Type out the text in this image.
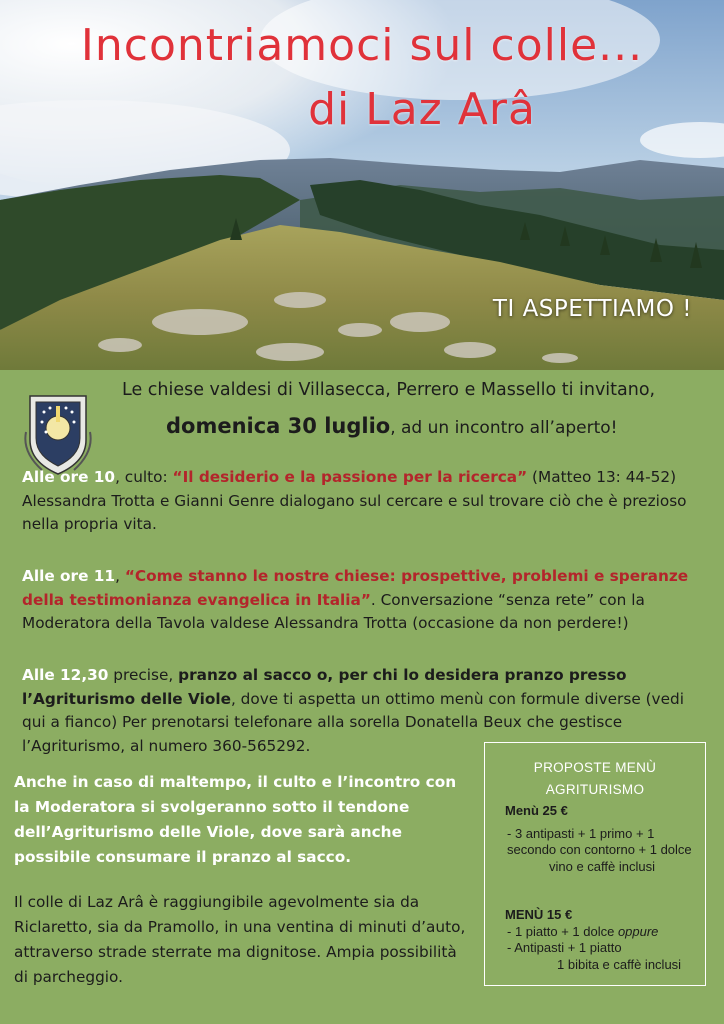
Incontriamoci sul colle...
di Laz Arâ
TI ASPETTIAMO !
Le chiese valdesi di Villasecca, Perrero e Massello ti invitano,
domenica 30 luglio, ad un incontro all’aperto!
Alle ore 10, culto: “Il desiderio e la passione per la ricerca” (Matteo 13: 44-52)
Alessandra Trotta e Gianni Genre dialogano sul cercare e sul trovare ciò che è prezioso nella propria vita.
Alle ore 11, “Come stanno le nostre chiese: prospettive, problemi e speranze della testimonianza evangelica in Italia”. Conversazione “senza rete” con la Moderatora della Tavola valdese Alessandra Trotta (occasione da non perdere!)
Alle 12,30 precise, pranzo al sacco o, per chi lo desidera pranzo presso l’Agriturismo delle Viole, dove ti aspetta un ottimo menù con formule diverse (vedi qui a fianco) Per prenotarsi telefonare alla sorella Donatella Beux che gestisce l’Agriturismo, al numero 360-565292.
Anche in caso di maltempo, il culto e l’incontro con la Moderatora si svolgeranno sotto il tendone dell’Agriturismo delle Viole, dove sarà anche possibile consumare il pranzo al sacco.
Il colle di Laz Arâ è raggiungibile agevolmente sia da Riclaretto, sia da Pramollo, in una ventina di minuti d’auto, attraverso strade sterrate ma dignitose. Ampia possibilità di parcheggio.
PROPOSTE MENÙ
AGRITURISMO
Menù 25 €
- 3 antipasti + 1 primo + 1 secondo con contorno + 1 dolce
vino e caffè inclusi
MENÙ 15 €
- 1 piatto + 1 dolce oppure
- Antipasti + 1 piatto
1 bibita e caffè inclusi
